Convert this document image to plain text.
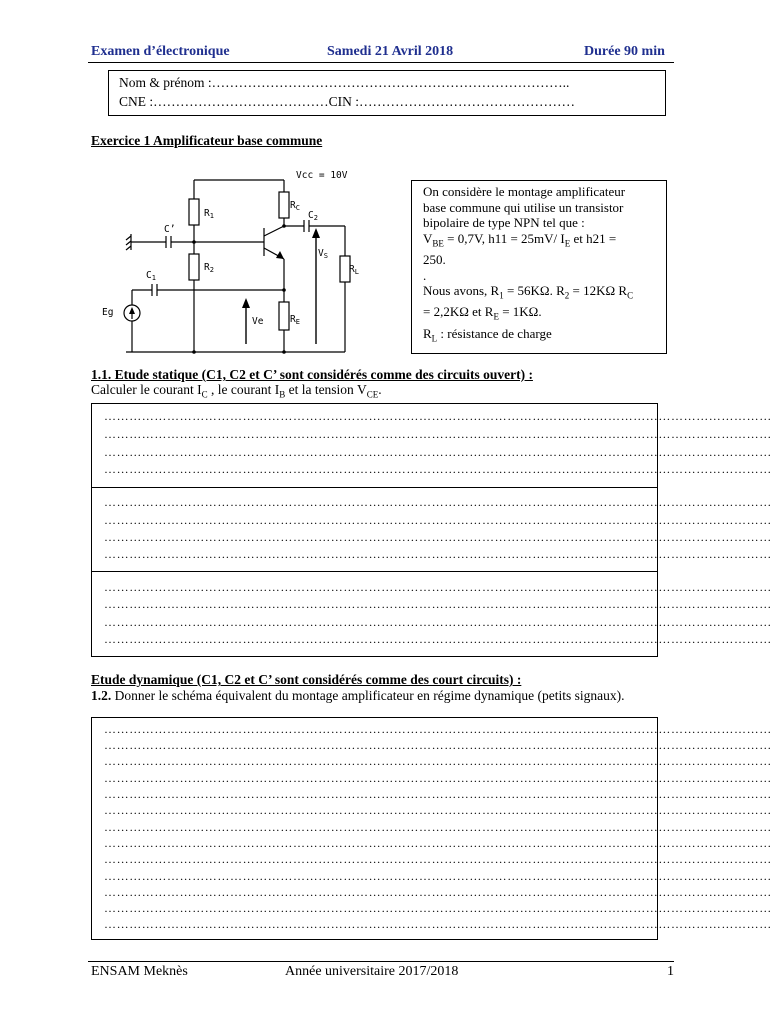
Examen d’électronique	Samedi 21 Avril 2018	Durée 90 min
Nom & prénom :……………………………………………………………………..
CNE :…………………………………CIN :…………………………………………
Exercice 1 Amplificateur base commune
Vcc = 10V
$R_1$
$R_C$
$C_2$
C’
$V_S$
$R_L$
$R_2$
$C_1$
Eg
Ve	$R_E$
On considère le montage amplificateur
base commune qui utilise un transistor
bipolaire de type NPN tel que :
$V_{BE} = 0,7V$, h11 = 25mV/ $I_E$ et h21 =
250.
.
Nous avons, $R_1 = 56K\Omega$. $R_2 = 12K\Omega$ $R_C$
= 2,2KΩ et $R_E = 1K\Omega$.
$R_L$ : résistance de charge
1.1. Etude statique (C1, C2 et C’ sont considérés comme des circuits ouvert) :
Calculer le courant $I_C$ , le courant $I_B$ et la tension $V_{CE}$.
……………………………………………………………………………………………………………………………………………
……………………………………………………………………………………………………………………………………………
……………………………………………………………………………………………………………………………………………
……………………………………………………………………………………………………………………………………………
……………………………………………………………………………………………………………………………………………
……………………………………………………………………………………………………………………………………………
……………………………………………………………………………………………………………………………………………
……………………………………………………………………………………………………………………………………………
……………………………………………………………………………………………………………………………………………
……………………………………………………………………………………………………………………………………………
……………………………………………………………………………………………………………………………………………
……………………………………………………………………………………………………………………………………………
Etude dynamique (C1, C2 et C’ sont considérés comme des court circuits) :
1.2. Donner le schéma équivalent du montage amplificateur en régime dynamique (petits signaux).
……………………………………………………………………………………………………………………………………………
……………………………………………………………………………………………………………………………………………
……………………………………………………………………………………………………………………………………………
……………………………………………………………………………………………………………………………………………
……………………………………………………………………………………………………………………………………………
……………………………………………………………………………………………………………………………………………
……………………………………………………………………………………………………………………………………………
……………………………………………………………………………………………………………………………………………
……………………………………………………………………………………………………………………………………………
……………………………………………………………………………………………………………………………………………
……………………………………………………………………………………………………………………………………………
……………………………………………………………………………………………………………………………………………
……………………………………………………………………………………………………………………………………………
ENSAM Meknès	Année universitaire 2017/2018	1
